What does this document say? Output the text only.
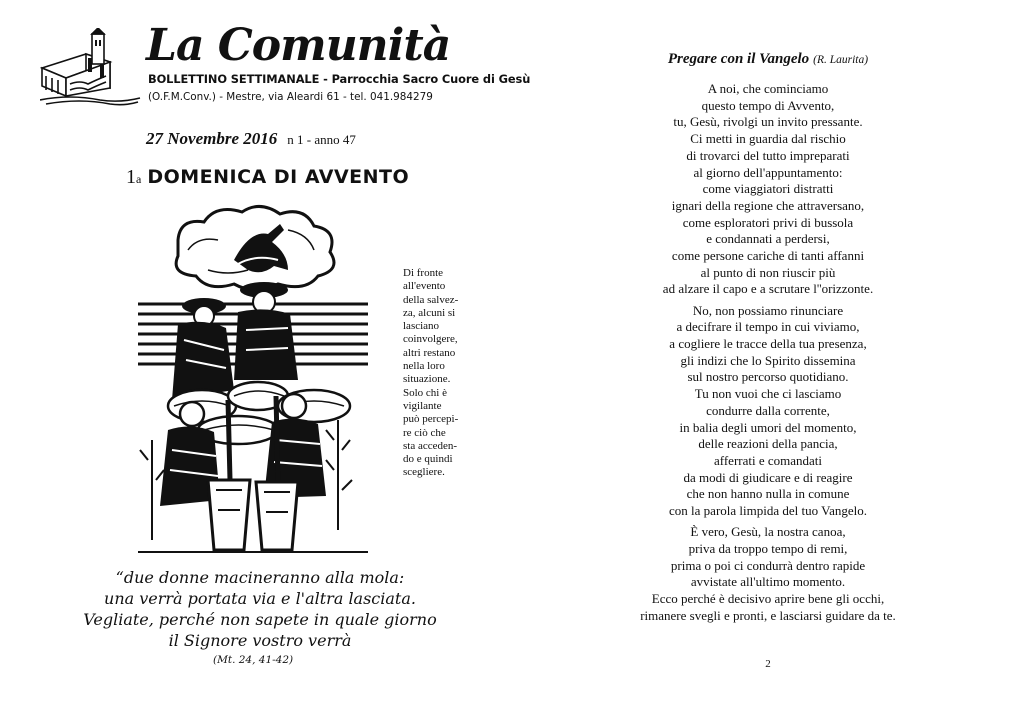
La Comunità
BOLLETTINO SETTIMANALE - Parrocchia Sacro Cuore di Gesù
(O.F.M.Conv.) - Mestre, via Aleardi 61 - tel. 041.984279
27 Novembre 2016 n 1 - anno 47
1a DOMENICA DI AVVENTO
Di fronte
all'evento
della salvez-
za, alcuni si
lasciano
coinvolgere,
altri restano
nella loro
situazione.
Solo chi è
vigilante
può percepi-
re ciò che
sta acceden-
do e quindi
scegliere.
“due donne macineranno alla mola:
una verrà portata via e l'altra lasciata.
Vegliate, perché non sapete in quale giorno
il Signore vostro verrà
(Mt. 24, 41-42)
Pregare con il Vangelo (R. Laurita)
A noi, che cominciamo
questo tempo di Avvento,
tu, Gesù, rivolgi un invito pressante.
Ci metti in guardia dal rischio
di trovarci del tutto impreparati
al giorno dell'appuntamento:
come viaggiatori distratti
ignari della regione che attraversano,
come esploratori privi di bussola
e condannati a perdersi,
come persone cariche di tanti affanni
al punto di non riuscir più
ad alzare il capo e a scrutare l''orizzonte.
No, non possiamo rinunciare
a decifrare il tempo in cui viviamo,
a cogliere le tracce della tua presenza,
gli indizi che lo Spirito dissemina
sul nostro percorso quotidiano.
Tu non vuoi che ci lasciamo
condurre dalla corrente,
in balia degli umori del momento,
delle reazioni della pancia,
afferrati e comandati
da modi di giudicare e di reagire
che non hanno nulla in comune
con la parola limpida del tuo Vangelo.
È vero, Gesù, la nostra canoa,
priva da troppo tempo di remi,
prima o poi ci condurrà dentro rapide
avvistate all'ultimo momento.
Ecco perché è decisivo aprire bene gli occhi,
rimanere svegli e pronti, e lasciarsi guidare da te.
2
